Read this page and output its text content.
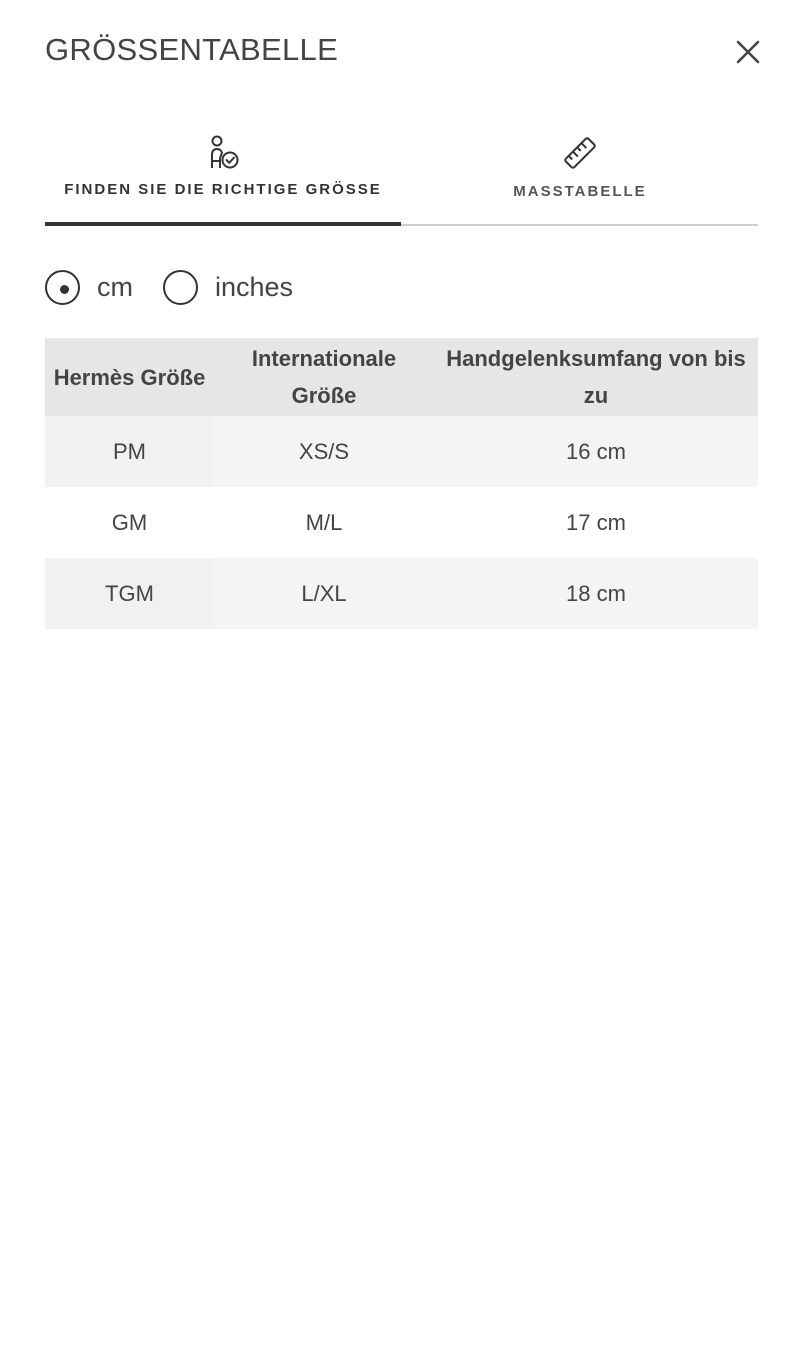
GRÖSSENTABELLE
FINDEN SIE DIE RICHTIGE GRÖSSE	MASSTABELLE
cm	inches
Hermès Größe	Internationale Größe	Handgelenksumfang von bis zu
PM	XS/S	16 cm
GM	M/L	17 cm
TGM	L/XL	18 cm
